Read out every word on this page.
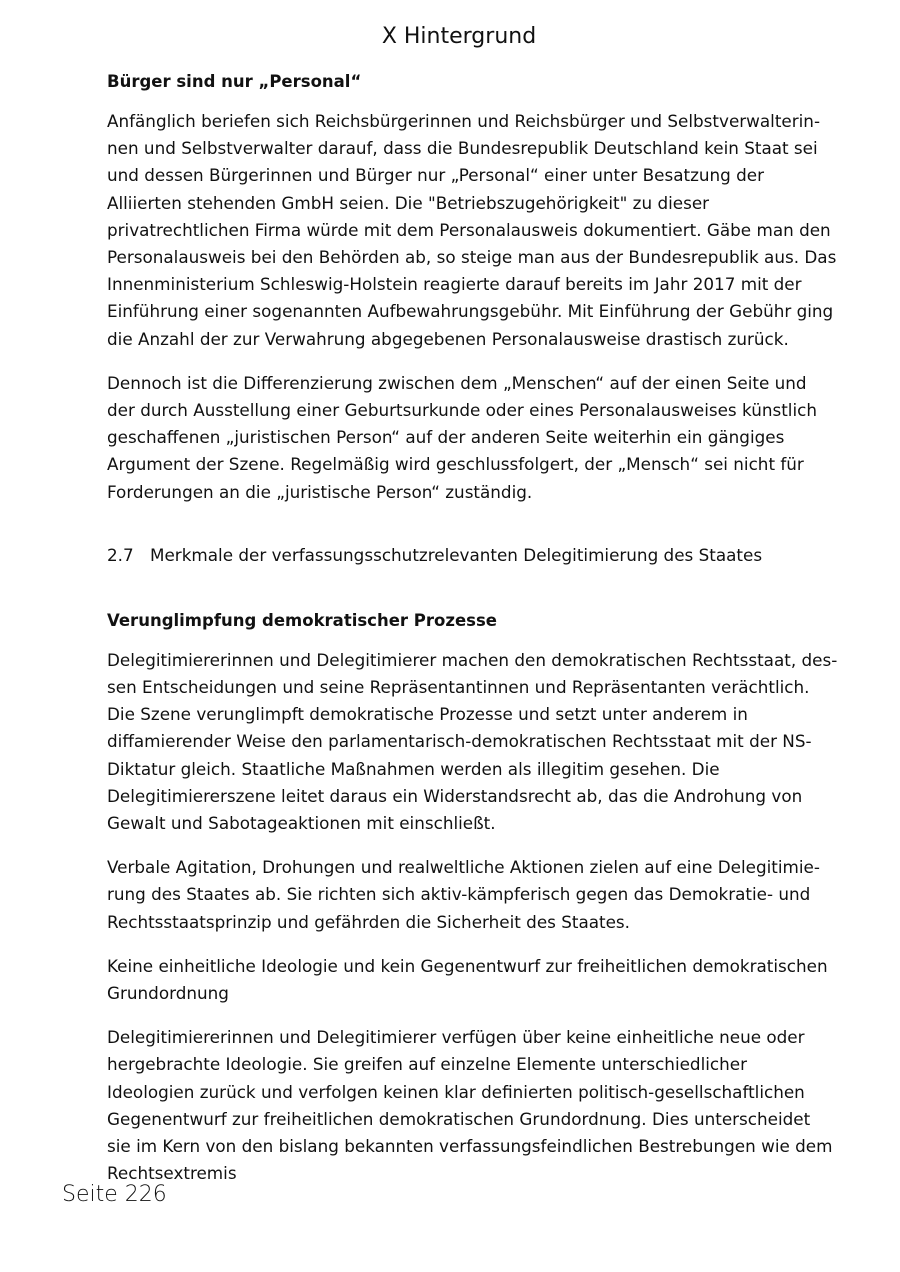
X Hintergrund

Bürger sind nur „Personal“

Anfänglich beriefen sich Reichsbürgerinnen und Reichsbürger und Selbstverwalterinnen und Selbstverwalter darauf, dass die Bundesrepublik Deutschland kein Staat sei und dessen Bürgerinnen und Bürger nur „Personal“ einer unter Besatzung der Alliierten stehenden GmbH seien. Die "Betriebszugehörigkeit" zu dieser privatrechtlichen Firma würde mit dem Personalausweis dokumentiert. Gäbe man den Personalausweis bei den Behörden ab, so steige man aus der Bundesrepublik aus. Das Innenministerium Schleswig-Holstein reagierte darauf bereits im Jahr 2017 mit der Einführung einer sogenannten Aufbewahrungsgebühr. Mit Einführung der Gebühr ging die Anzahl der zur Verwahrung abgegebenen Personalausweise drastisch zurück.

Dennoch ist die Differenzierung zwischen dem „Menschen“ auf der einen Seite und der durch Ausstellung einer Geburtsurkunde oder eines Personalausweises künstlich geschaffenen „juristischen Person“ auf der anderen Seite weiterhin ein gängiges Argument der Szene. Regelmäßig wird geschlussfolgert, der „Mensch“ sei nicht für Forderungen an die „juristische Person“ zuständig.

2.7 Merkmale der verfassungsschutzrelevanten Delegitimierung des Staates

Verunglimpfung demokratischer Prozesse

Delegitimiererinnen und Delegitimierer machen den demokratischen Rechtsstaat, dessen Entscheidungen und seine Repräsentantinnen und Repräsentanten verächtlich. Die Szene verunglimpft demokratische Prozesse und setzt unter anderem in diffamierender Weise den parlamentarisch-demokratischen Rechtsstaat mit der NS-Diktatur gleich. Staatliche Maßnahmen werden als illegitim gesehen. Die Delegitimiererszene leitet daraus ein Widerstandsrecht ab, das die Androhung von Gewalt und Sabotageaktionen mit einschließt.

Verbale Agitation, Drohungen und realweltliche Aktionen zielen auf eine Delegitimierung des Staates ab. Sie richten sich aktiv-kämpferisch gegen das Demokratie- und Rechtsstaatsprinzip und gefährden die Sicherheit des Staates.

Keine einheitliche Ideologie und kein Gegenentwurf zur freiheitlichen demokratischen Grundordnung

Delegitimiererinnen und Delegitimierer verfügen über keine einheitliche neue oder hergebrachte Ideologie. Sie greifen auf einzelne Elemente unterschiedlicher Ideologien zurück und verfolgen keinen klar definierten politisch-gesellschaftlichen Gegenentwurf zur freiheitlichen demokratischen Grundordnung. Dies unterscheidet sie im Kern von den bislang bekannten verfassungsfeindlichen Bestrebungen wie dem Rechtsextremis

Seite 226
